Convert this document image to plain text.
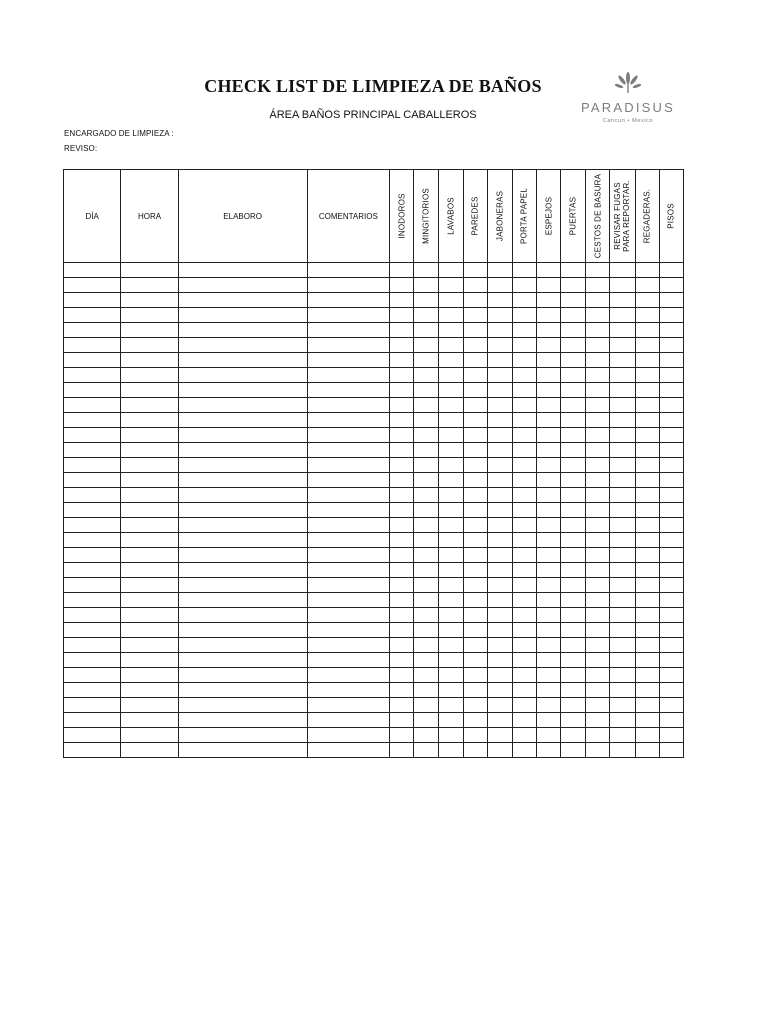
CHECK LIST DE LIMPIEZA DE BAÑOS
ÁREA BAÑOS PRINCIPAL CABALLEROS
ENCARGADO DE LIMPIEZA :
REVISO:
PARADISUS
Cancun • Mexico
DÍA	HORA	ELABORO	COMENTARIOS	INODOROS	MINGITORIOS	LAVABOS	PAREDES	JABONERAS	PORTA PAPEL	ESPEJOS	PUERTAS	CESTOS DE BASURA	REVISAR FUGAS
PARA REPORTAR.	REGADERAS.	PISOS
